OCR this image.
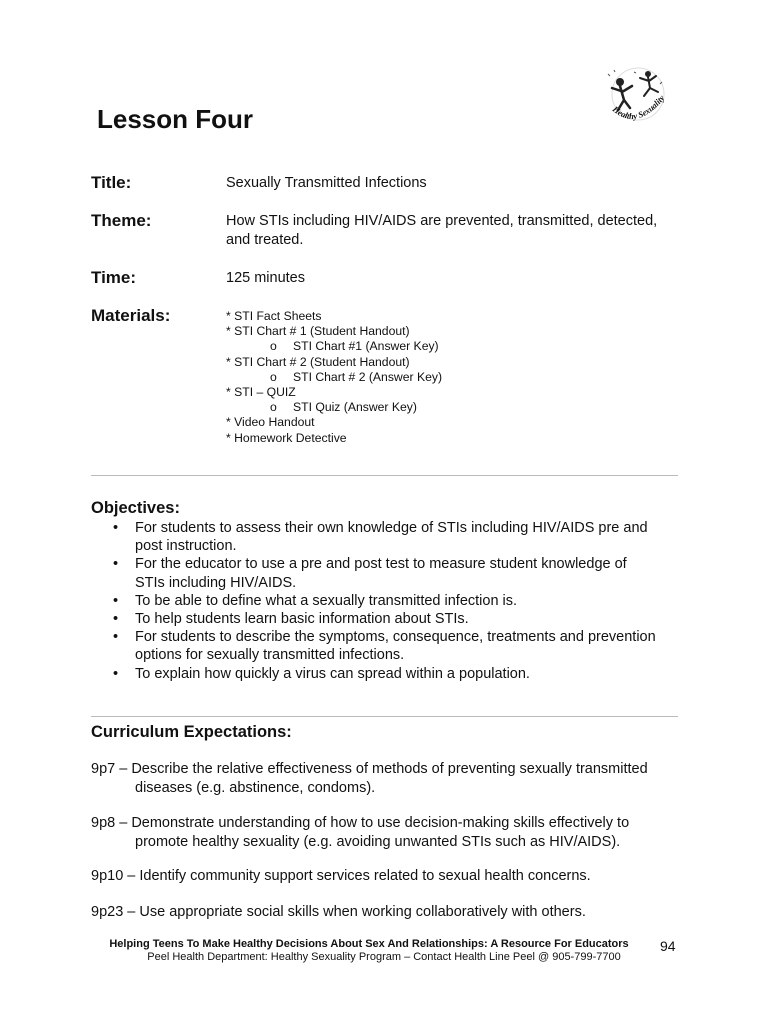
Healthy Sexuality
Lesson Four
Title:	Sexually Transmitted Infections
Theme:	How STIs including HIV/AIDS are prevented, transmitted, detected,
and treated.
Time:	125 minutes
Materials:	* STI Fact Sheets
* STI Chart # 1 (Student Handout)
o STI Chart #1 (Answer Key)
* STI Chart # 2 (Student Handout)
o STI Chart # 2 (Answer Key)
* STI – QUIZ
o STI Quiz (Answer Key)
* Video Handout
* Homework Detective
Objectives:
• For students to assess their own knowledge of STIs including HIV/AIDS pre and
post instruction.
• For the educator to use a pre and post test to measure student knowledge of
STIs including HIV/AIDS.
• To be able to define what a sexually transmitted infection is.
• To help students learn basic information about STIs.
• For students to describe the symptoms, consequence, treatments and prevention
options for sexually transmitted infections.
• To explain how quickly a virus can spread within a population.
Curriculum Expectations:
9p7 – Describe the relative effectiveness of methods of preventing sexually transmitted
diseases (e.g. abstinence, condoms).
9p8 – Demonstrate understanding of how to use decision-making skills effectively to
promote healthy sexuality (e.g. avoiding unwanted STIs such as HIV/AIDS).
9p10 – Identify community support services related to sexual health concerns.
9p23 – Use appropriate social skills when working collaboratively with others.
Helping Teens To Make Healthy Decisions About Sex And Relationships: A Resource For Educators
Peel Health Department: Healthy Sexuality Program – Contact Health Line Peel @ 905-799-7700
94
